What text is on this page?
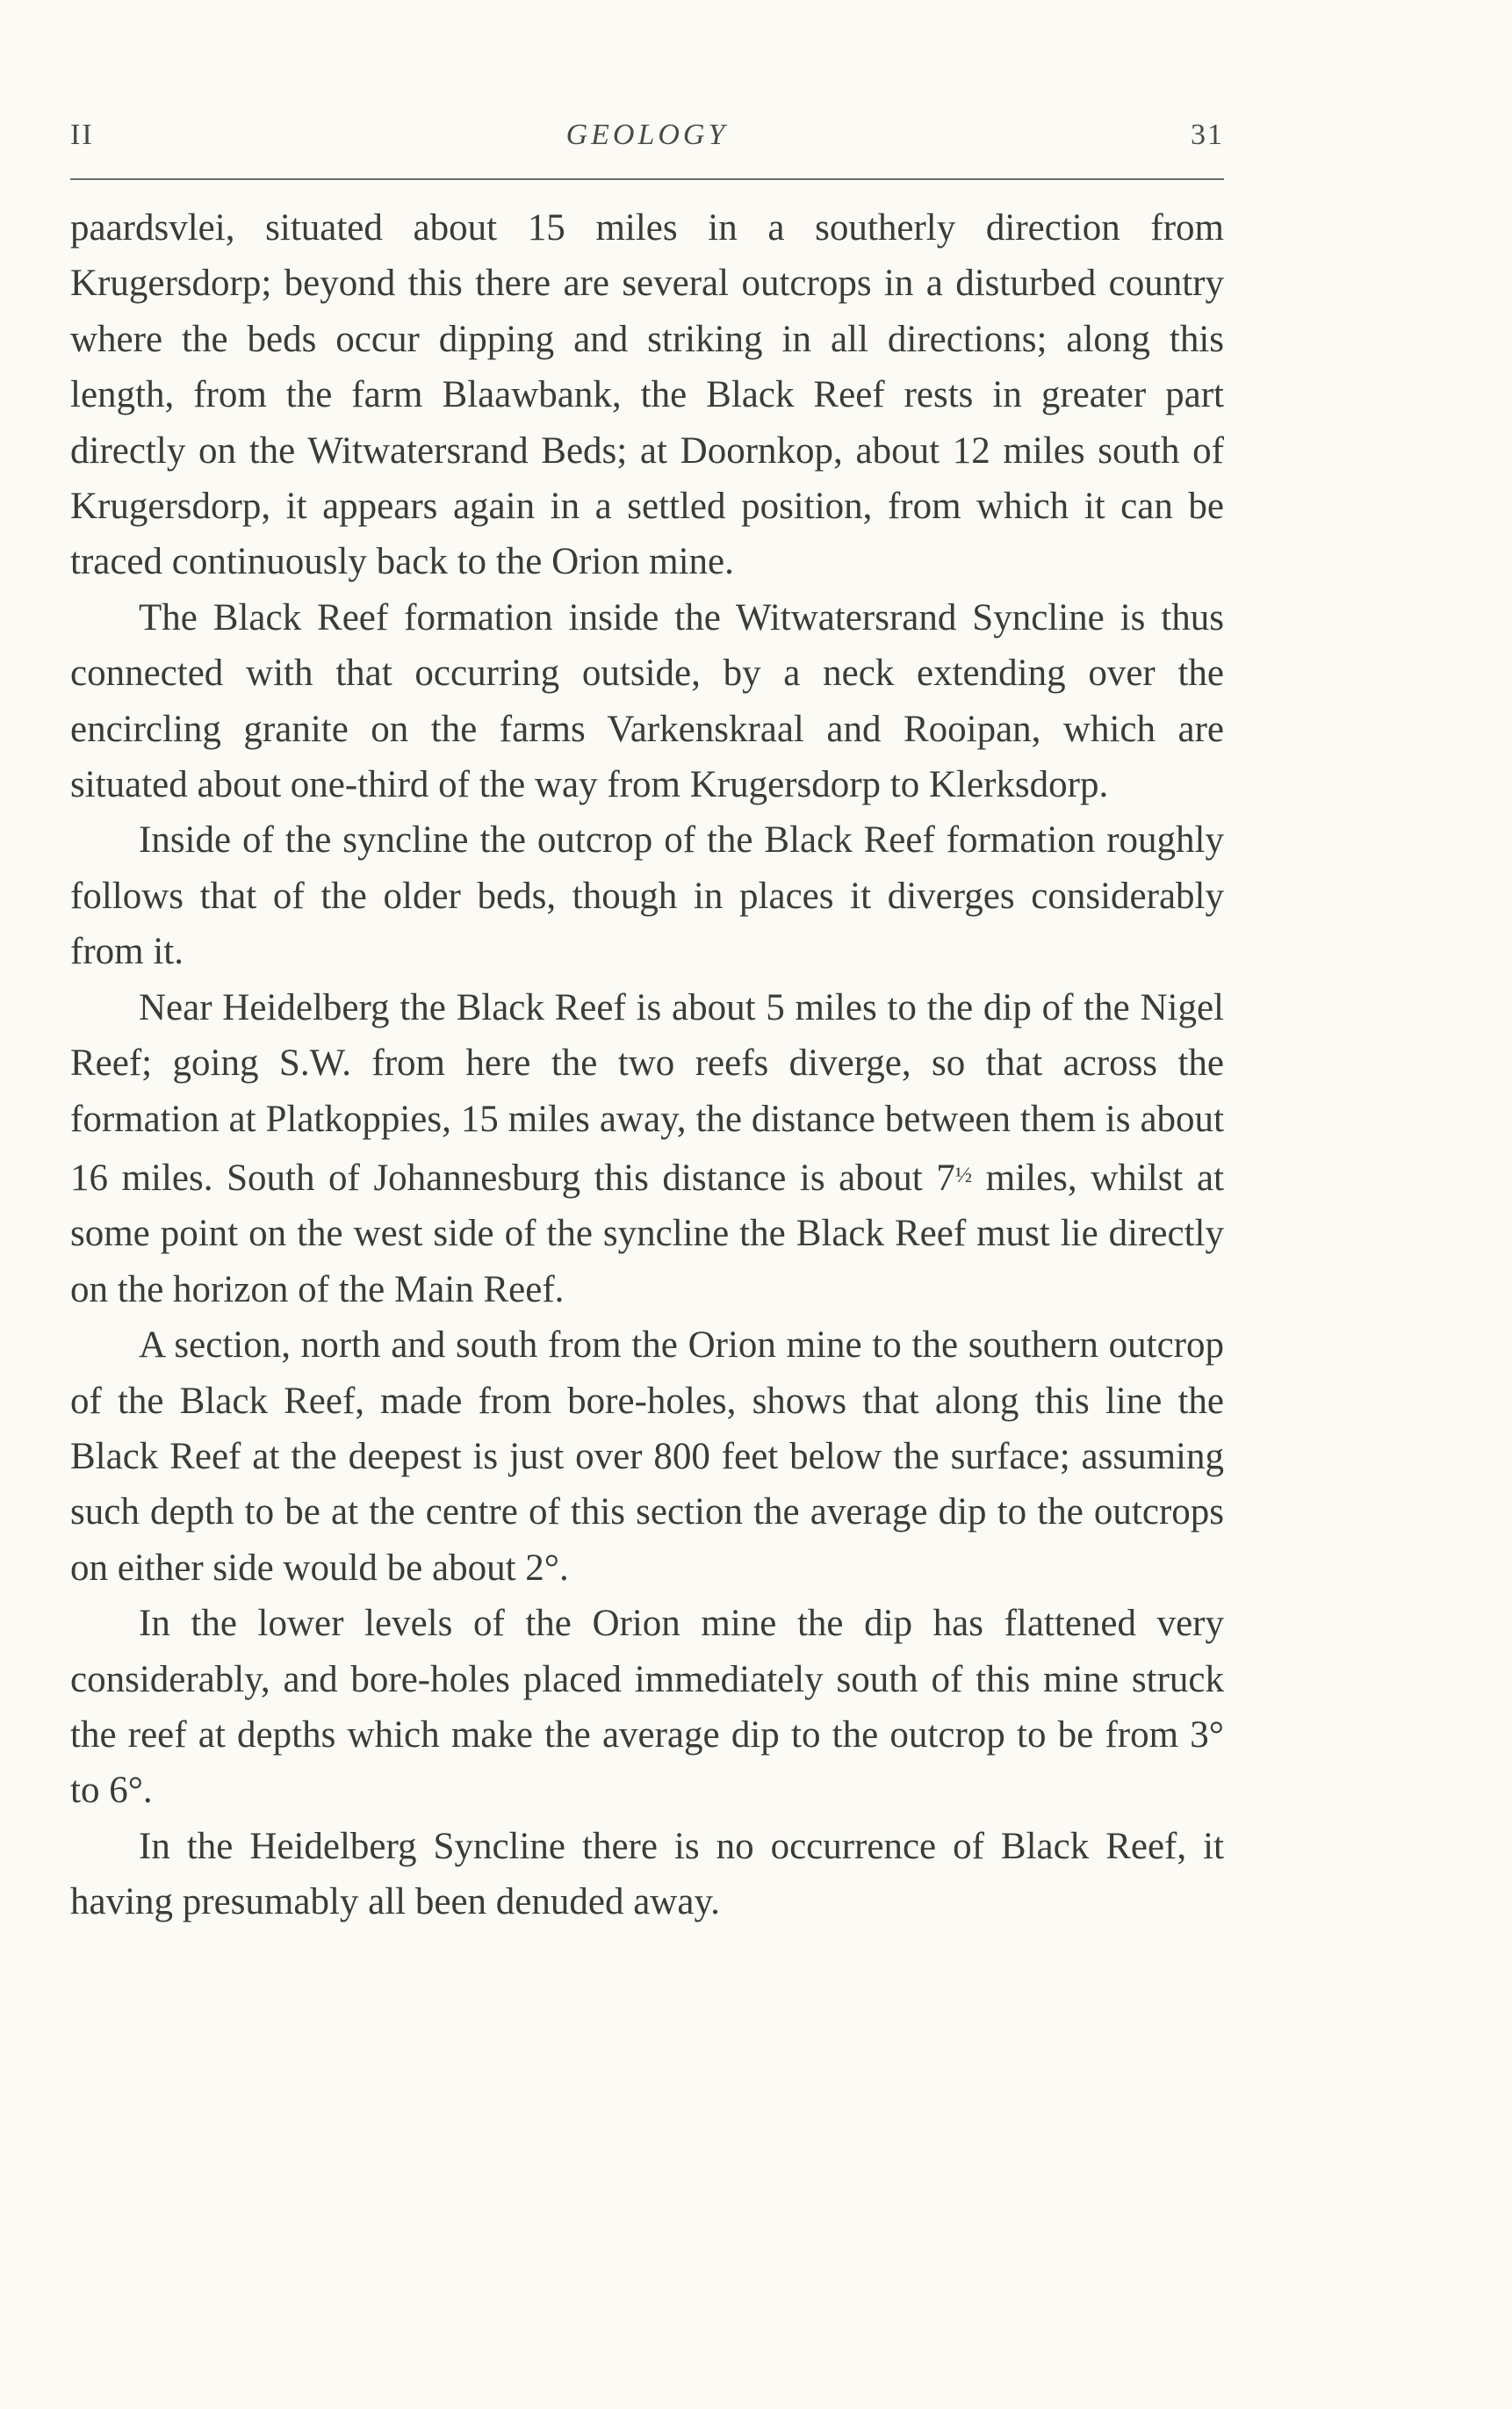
II	GEOLOGY	31

paardsvlei, situated about 15 miles in a southerly direction from Krugersdorp; beyond this there are several outcrops in a disturbed country where the beds occur dipping and striking in all directions; along this length, from the farm Blaawbank, the Black Reef rests in greater part directly on the Witwatersrand Beds; at Doornkop, about 12 miles south of Krugersdorp, it appears again in a settled position, from which it can be traced continuously back to the Orion mine.

The Black Reef formation inside the Witwatersrand Syncline is thus connected with that occurring outside, by a neck extending over the encircling granite on the farms Varkenskraal and Rooipan, which are situated about one-third of the way from Krugersdorp to Klerksdorp.

Inside of the syncline the outcrop of the Black Reef formation roughly follows that of the older beds, though in places it diverges considerably from it.

Near Heidelberg the Black Reef is about 5 miles to the dip of the Nigel Reef; going S.W. from here the two reefs diverge, so that across the formation at Platkoppies, 15 miles away, the distance between them is about 16 miles. South of Johannesburg this distance is about $7^{\frac{1}{2}}$ miles, whilst at some point on the west side of the syncline the Black Reef must lie directly on the horizon of the Main Reef.

A section, north and south from the Orion mine to the southern outcrop of the Black Reef, made from bore-holes, shows that along this line the Black Reef at the deepest is just over 800 feet below the surface; assuming such depth to be at the centre of this section the average dip to the outcrops on either side would be about 2°.

In the lower levels of the Orion mine the dip has flattened very considerably, and bore-holes placed immediately south of this mine struck the reef at depths which make the average dip to the outcrop to be from 3° to 6°.

In the Heidelberg Syncline there is no occurrence of Black Reef, it having presumably all been denuded away.
